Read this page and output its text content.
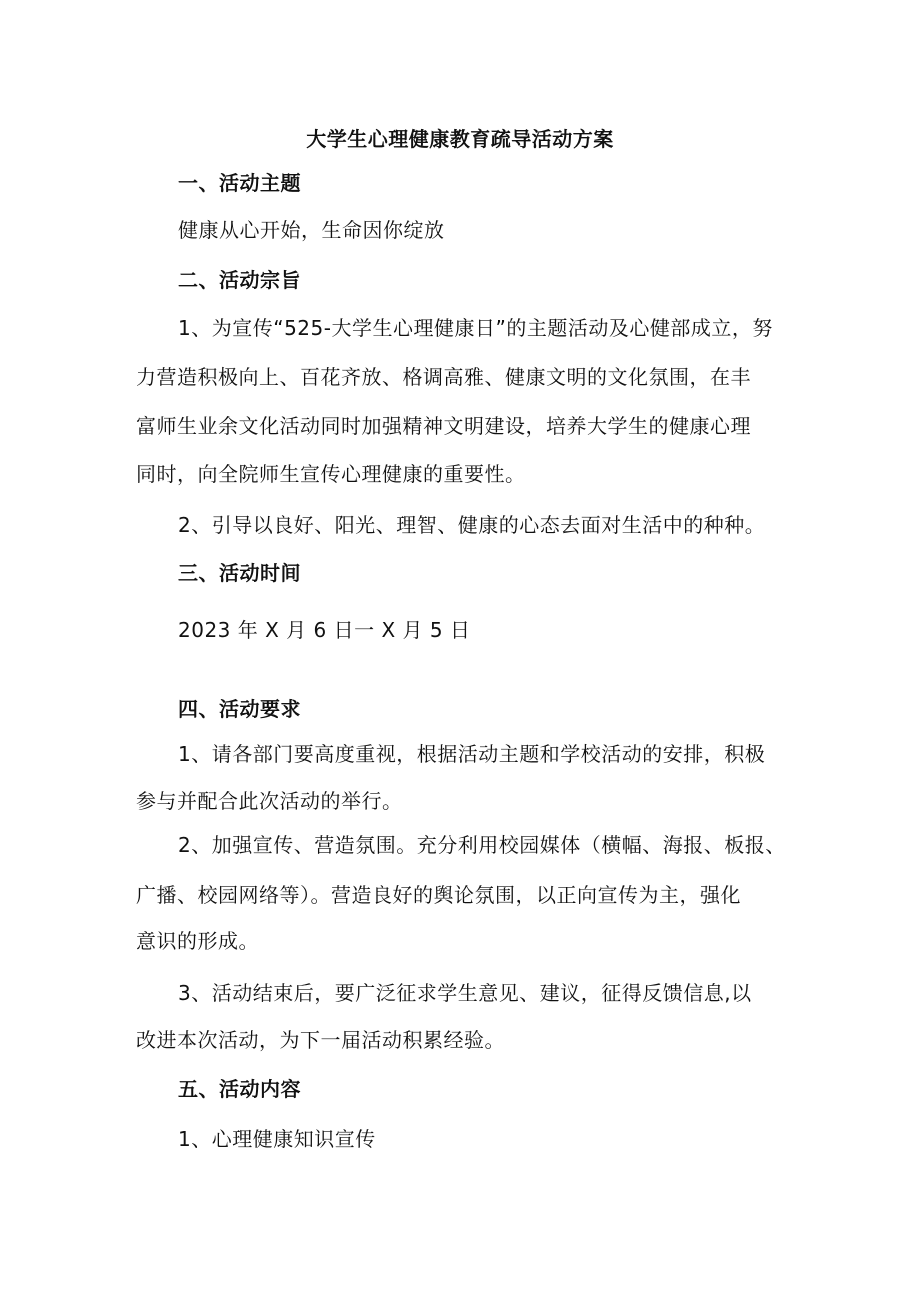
大学生心理健康教育疏导活动方案
一、活动主题
健康从心开始，生命因你绽放
二、活动宗旨
1、为宣传“525-大学生心理健康日”的主题活动及心健部成立，努
力营造积极向上、百花齐放、格调高雅、健康文明的文化氛围，在丰
富师生业余文化活动同时加强精神文明建设，培养大学生的健康心理
同时，向全院师生宣传心理健康的重要性。
2、引导以良好、阳光、理智、健康的心态去面对生活中的种种。
三、活动时间
2023 年 X 月 6 日一 X 月 5 日
四、活动要求
1、请各部门要高度重视，根据活动主题和学校活动的安排，积极
参与并配合此次活动的举行。
2、加强宣传、营造氛围。充分利用校园媒体（横幅、海报、板报、
广播、校园网络等）。营造良好的舆论氛围，以正向宣传为主，强化
意识的形成。
3、活动结束后，要广泛征求学生意见、建议，征得反馈信息,以
改进本次活动，为下一届活动积累经验。
五、活动内容
1、心理健康知识宣传
